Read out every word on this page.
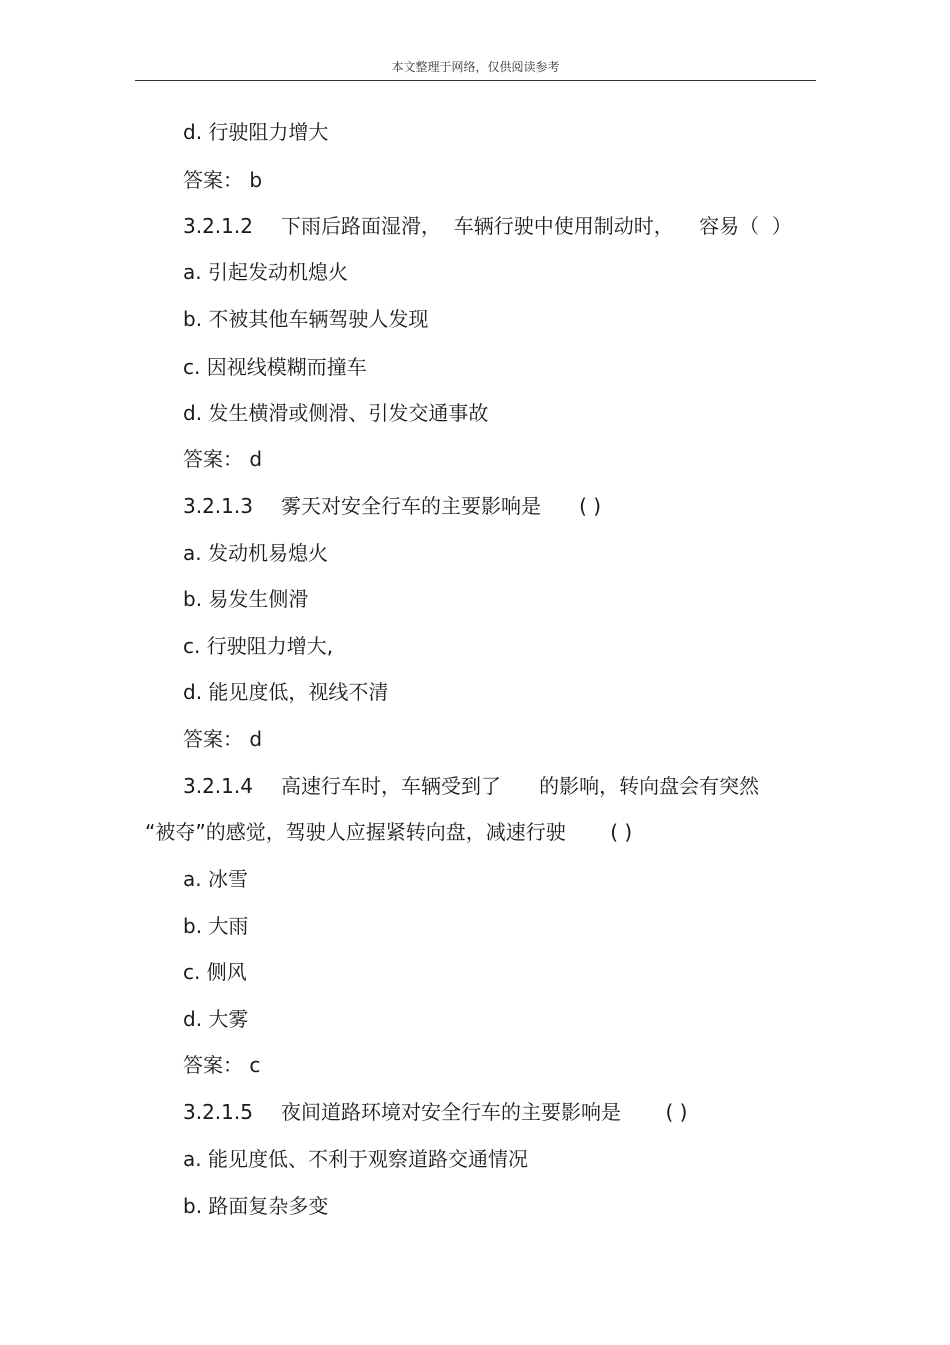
本文整理于网络，仅供阅读参考
d. 行驶阻力增大
答案： b
3.2.1.2 下雨后路面湿滑，  车辆行驶中使用制动时，    容易（  ）
a. 引起发动机熄火
b. 不被其他车辆驾驶人发现
c. 因视线模糊而撞车
d. 发生横滑或侧滑、引发交通事故
答案： d
3.2.1.3 雾天对安全行车的主要影响是      ( )
a. 发动机易熄火
b. 易发生侧滑
c. 行驶阻力增大,
d. 能见度低，视线不清
答案： d
3.2.1.4 高速行车时，车辆受到了      的影响，转向盘会有突然
“被夺”的感觉，驾驶人应握紧转向盘，减速行驶       ( )
a. 冰雪
b. 大雨
c. 侧风
d. 大雾
答案： c
3.2.1.5 夜间道路环境对安全行车的主要影响是       ( )
a. 能见度低、不利于观察道路交通情况
b. 路面复杂多变
